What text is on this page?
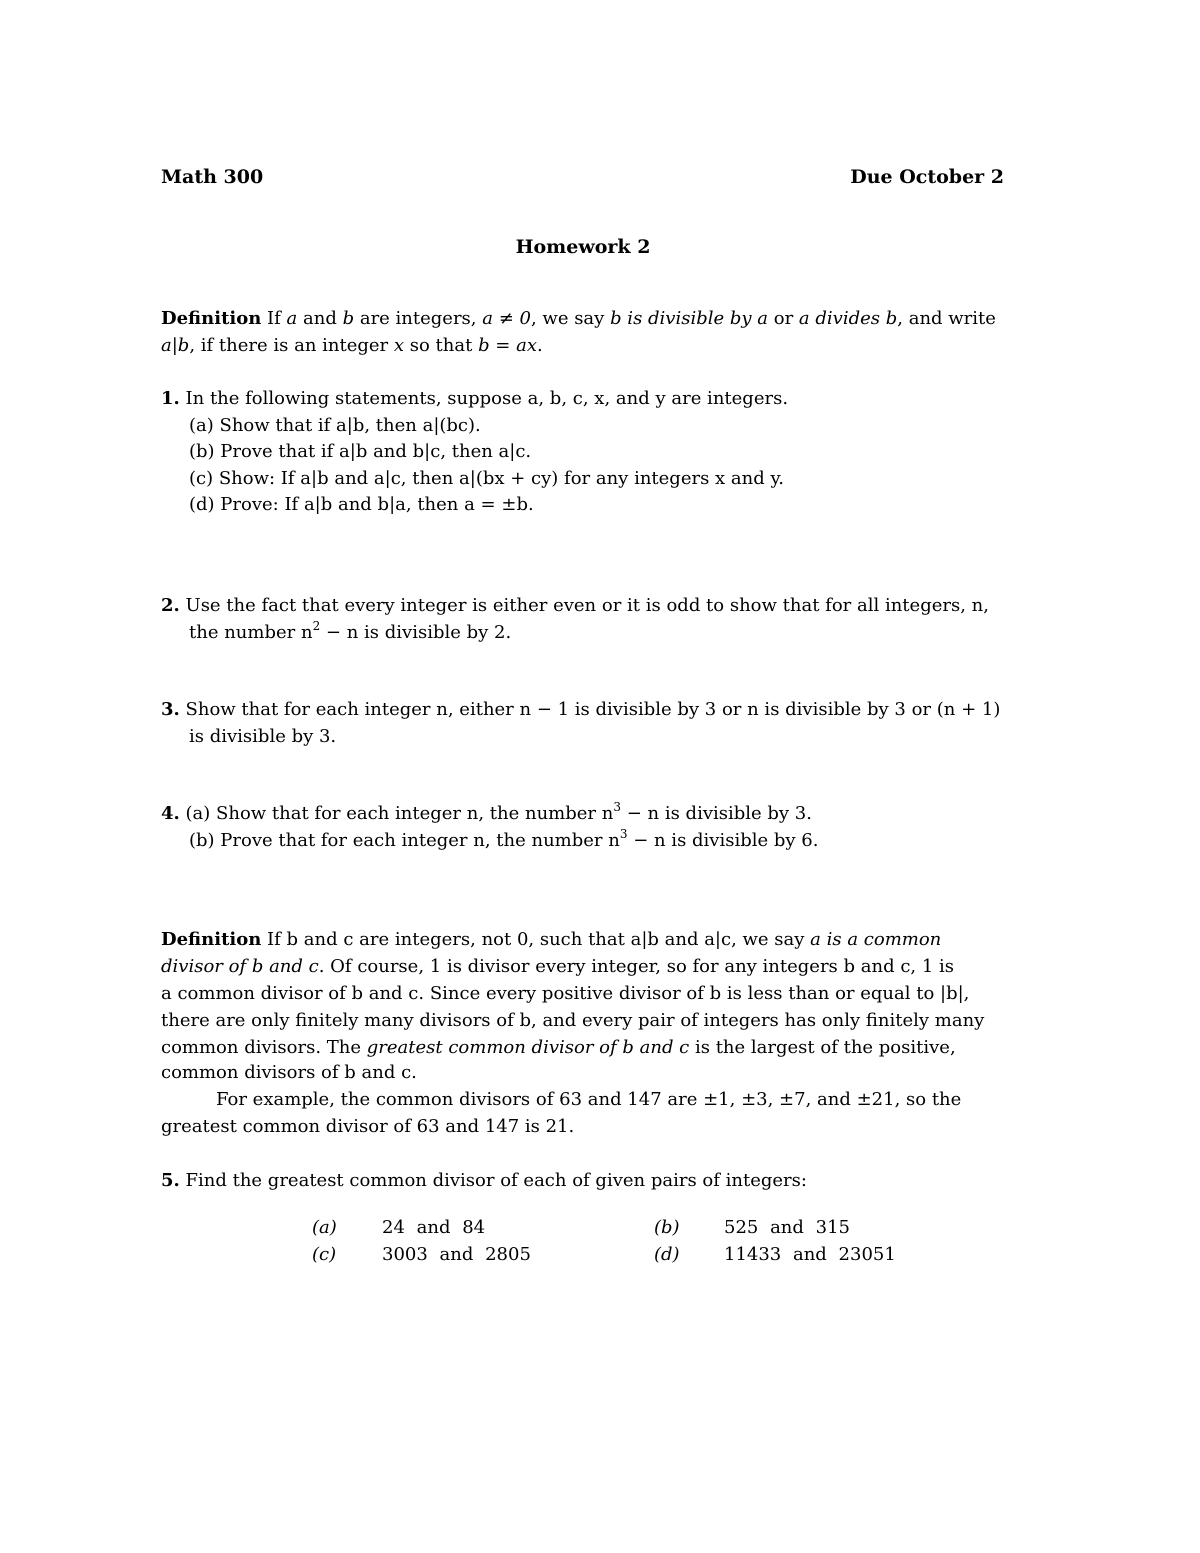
Math 300	Due October 2
Homework 2
Definition If a and b are integers, a ≠ 0, we say b is divisible by a or a divides b, and write
a|b, if there is an integer x so that b = ax.
1. In the following statements, suppose a, b, c, x, and y are integers.
(a) Show that if a|b, then a|(bc).
(b) Prove that if a|b and b|c, then a|c.
(c) Show: If a|b and a|c, then a|(bx + cy) for any integers x and y.
(d) Prove: If a|b and b|a, then a = ±b.
2. Use the fact that every integer is either even or it is odd to show that for all integers, n,
the number $n^2 - n$ is divisible by 2.
3. Show that for each integer n, either n − 1 is divisible by 3 or n is divisible by 3 or (n + 1)
is divisible by 3.
4. (a) Show that for each integer n, the number $n^3 - n$ is divisible by 3.
(b) Prove that for each integer n, the number $n^3 - n$ is divisible by 6.
Definition If b and c are integers, not 0, such that a|b and a|c, we say a is a common
divisor of b and c. Of course, 1 is divisor every integer, so for any integers b and c, 1 is
a common divisor of b and c. Since every positive divisor of b is less than or equal to |b|,
there are only finitely many divisors of b, and every pair of integers has only finitely many
common divisors. The greatest common divisor of b and c is the largest of the positive,
common divisors of b and c.
For example, the common divisors of 63 and 147 are ±1, ±3, ±7, and ±21, so the
greatest common divisor of 63 and 147 is 21.
5. Find the greatest common divisor of each of given pairs of integers:
(a)	24 and 84	(b)	525 and 315
(c)	3003 and 2805	(d)	11433 and 23051
